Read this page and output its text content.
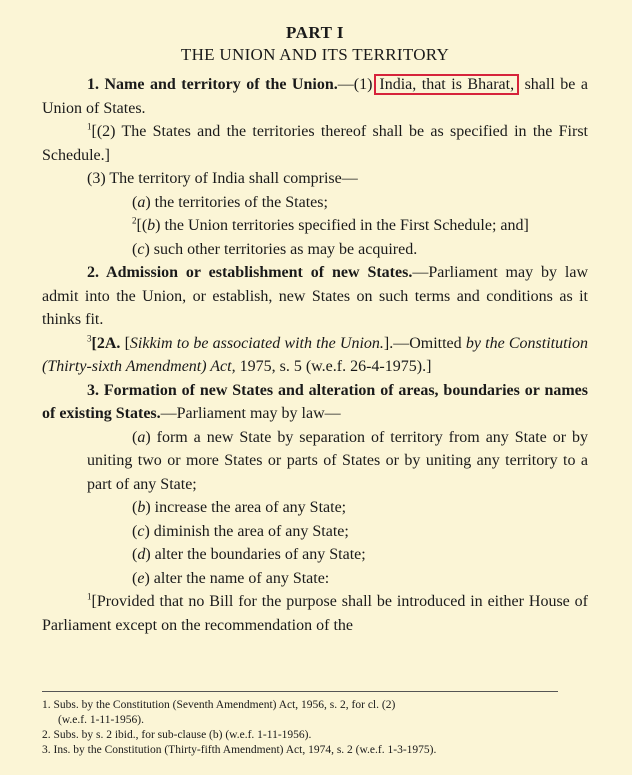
PART I
THE UNION AND ITS TERRITORY

1. Name and territory of the Union.—(1) India, that is Bharat, shall be a Union of States.

$^1$[(2) The States and the territories thereof shall be as specified in the First Schedule.]

(3) The territory of India shall comprise—

(a) the territories of the States;

$^2$[(b) the Union territories specified in the First Schedule; and]

(c) such other territories as may be acquired.

2. Admission or establishment of new States.—Parliament may by law admit into the Union, or establish, new States on such terms and conditions as it thinks fit.

$^3$[2A. [Sikkim to be associated with the Union.].—Omitted by the Constitution (Thirty-sixth Amendment) Act, 1975, s. 5 (w.e.f. 26-4-1975).]

3. Formation of new States and alteration of areas, boundaries or names of existing States.—Parliament may by law—

(a) form a new State by separation of territory from any State or by uniting two or more States or parts of States or by uniting any territory to a part of any State;

(b) increase the area of any State;

(c) diminish the area of any State;

(d) alter the boundaries of any State;

(e) alter the name of any State:

$^1$[Provided that no Bill for the purpose shall be introduced in either House of Parliament except on the recommendation of the

1. Subs. by the Constitution (Seventh Amendment) Act, 1956, s. 2, for cl. (2)
(w.e.f. 1-11-1956).
2. Subs. by s. 2 ibid., for sub-clause (b) (w.e.f. 1-11-1956).
3. Ins. by the Constitution (Thirty-fifth Amendment) Act, 1974, s. 2 (w.e.f. 1-3-1975).
